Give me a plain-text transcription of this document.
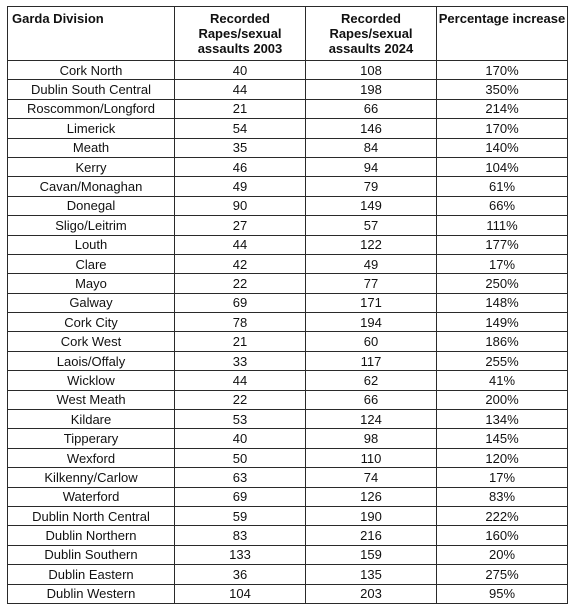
Garda Division	Recorded Rapes/sexual assaults 2003	Recorded Rapes/sexual assaults 2024	Percentage increase
Cork North	40	108	170%
Dublin South Central	44	198	350%
Roscommon/Longford	21	66	214%
Limerick	54	146	170%
Meath	35	84	140%
Kerry	46	94	104%
Cavan/Monaghan	49	79	61%
Donegal	90	149	66%
Sligo/Leitrim	27	57	111%
Louth	44	122	177%
Clare	42	49	17%
Mayo	22	77	250%
Galway	69	171	148%
Cork City	78	194	149%
Cork West	21	60	186%
Laois/Offaly	33	117	255%
Wicklow	44	62	41%
West Meath	22	66	200%
Kildare	53	124	134%
Tipperary	40	98	145%
Wexford	50	110	120%
Kilkenny/Carlow	63	74	17%
Waterford	69	126	83%
Dublin North Central	59	190	222%
Dublin Northern	83	216	160%
Dublin Southern	133	159	20%
Dublin Eastern	36	135	275%
Dublin Western	104	203	95%
